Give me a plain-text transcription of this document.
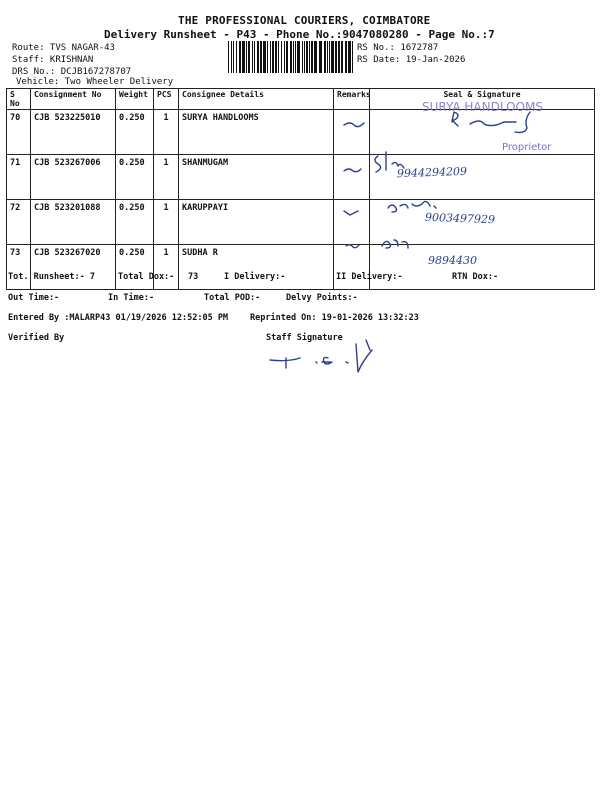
THE PROFESSIONAL COURIERS, COIMBATORE
Delivery Runsheet - P43 - Phone No.:9047080280 - Page No.:7
Route: TVS NAGAR-43
Staff: KRISHNAN
DRS No.: DCJB167278707
Vehicle: Two Wheeler Delivery
RS No.: 1672787
RS Date: 19-Jan-2026
S No	Consignment No	Weight	PCS	Consignee Details	Remarks	Seal & Signature
70	CJB 523225010	0.250	1	SURYA HANDLOOMS		
71	CJB 523267006	0.250	1	SHANMUGAM		
72	CJB 523201088	0.250	1	KARUPPAYI		
73	CJB 523267020	0.250	1	SUDHA R		
SURYA HANDLOOMS
Proprietor
9944294209
9003497929
9894430
Tot. Runsheet:- 7	Total Dox:- 73	I Delivery:-	II Delivery:-	RTN Dox:-
Out Time:-	In Time:-	Total POD:-	Delvy Points:-
Entered By :MALARP43 01/19/2026 12:52:05 PM	Reprinted On: 19-01-2026 13:32:23
Verified By	Staff Signature
